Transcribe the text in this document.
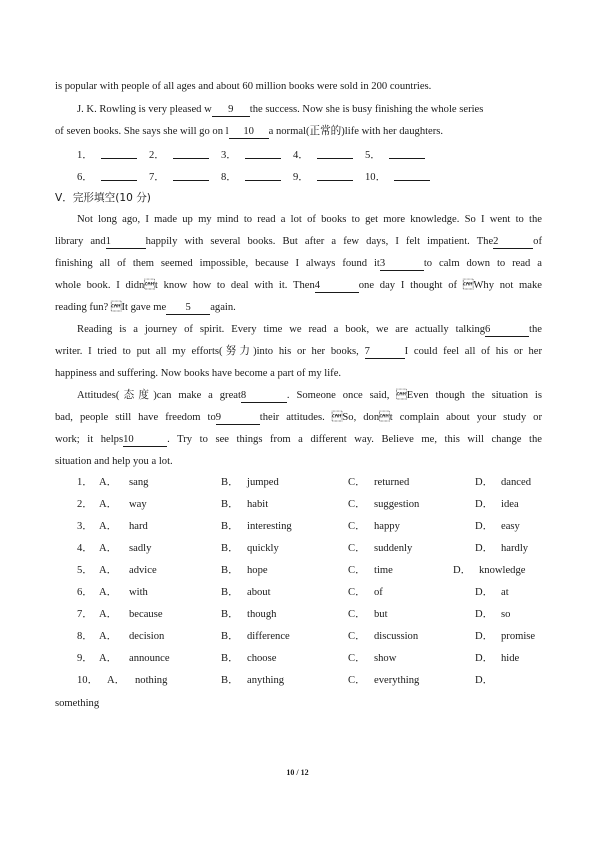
is popular with people of all ages and about 60 million books were sold in 200 countries.
J. K. Rowling is very pleased w 9 the success. Now she is busy finishing the whole series
of seven books. She says she will go on l 10 a normal(正常的)life with her daughters.
1．	2．	3．	4．	5．
6．	7．	8．	9．	10．
V．完形填空(10 分)
Not long ago, I made up my mind to read a lot of books to get more knowledge. So I went to the
library and1	happily with several books. But after a few days, I felt impatient. The2	of
finishing all of them seemed impossible, because I always found it3	to calm down to read a
whole book. I didnt know how to deal with it. Then4	one day I thought of Why not make
reading fun? It gave me 5 again.
Reading is a journey of spirit. Every time we read a book, we are actually talking6	the
writer. I tried to put all my efforts(努力)into his or her books, 7	I could feel all of his or her
happiness and suffering. Now books have become a part of my life.
Attitudes(态度)can make a great8	. Someone once said, Even though the situation is
bad, people still have freedom to9	their attitudes. So, dont complain about your study or
work; it helps10	. Try to see things from a different way. Believe me, this will change the
situation and help you a lot.
1． A． sang	B． jumped	C． returned	D． danced
2． A． way	B． habit	C． suggestion	D． idea
3． A． hard	B． interesting	C． happy	D． easy
4． A． sadly	B． quickly	C． suddenly	D． hardly
5． A． advice	B． hope	C． time	D． knowledge
6． A． with	B． about	C． of	D． at
7． A． because	B． though	C． but	D． so
8． A． decision	B． difference	C． discussion	D． promise
9． A． announce	B． choose	C． show	D． hide
10． A． nothing	B． anything	C． everything	D．
something
10 / 12
